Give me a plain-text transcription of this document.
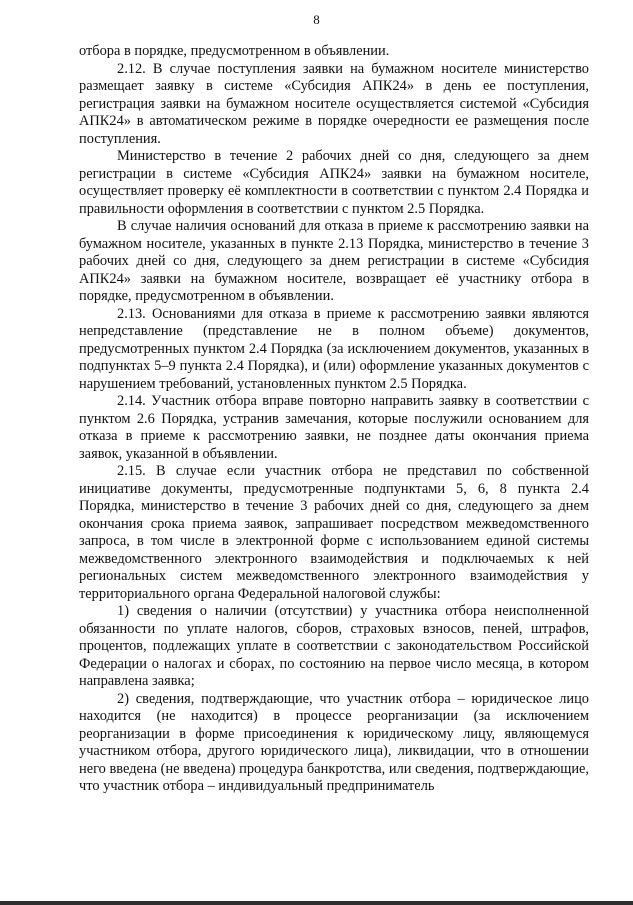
8

отбора в порядке, предусмотренном в объявлении.

2.12. В случае поступления заявки на бумажном носителе министерство размещает заявку в системе «Субсидия АПК24» в день ее поступления, регистрация заявки на бумажном носителе осуществляется системой «Субсидия АПК24» в автоматическом режиме в порядке очередности ее размещения после поступления.

Министерство в течение 2 рабочих дней со дня, следующего за днем регистрации в системе «Субсидия АПК24» заявки на бумажном носителе, осуществляет проверку её комплектности в соответствии с пунктом 2.4 Порядка и правильности оформления в соответствии с пунктом 2.5 Порядка.

В случае наличия оснований для отказа в приеме к рассмотрению заявки на бумажном носителе, указанных в пункте 2.13 Порядка, министерство в течение 3 рабочих дней со дня, следующего за днем регистрации в системе «Субсидия АПК24» заявки на бумажном носителе, возвращает её участнику отбора в порядке, предусмотренном в объявлении.

2.13. Основаниями для отказа в приеме к рассмотрению заявки являются непредставление (представление не в полном объеме) документов, предусмотренных пунктом 2.4 Порядка (за исключением документов, указанных в подпунктах 5–9 пункта 2.4 Порядка), и (или) оформление указанных документов с нарушением требований, установленных пунктом 2.5 Порядка.

2.14. Участник отбора вправе повторно направить заявку в соответствии с пунктом 2.6 Порядка, устранив замечания, которые послужили основанием для отказа в приеме к рассмотрению заявки, не позднее даты окончания приема заявок, указанной в объявлении.

2.15. В случае если участник отбора не представил по собственной инициативе документы, предусмотренные подпунктами 5, 6, 8 пункта 2.4 Порядка, министерство в течение 3 рабочих дней со дня, следующего за днем окончания срока приема заявок, запрашивает посредством межведомственного запроса, в том числе в электронной форме с использованием единой системы межведомственного электронного взаимодействия и подключаемых к ней региональных систем межведомственного электронного взаимодействия у территориального органа Федеральной налоговой службы:

1) сведения о наличии (отсутствии) у участника отбора неисполненной обязанности по уплате налогов, сборов, страховых взносов, пеней, штрафов, процентов, подлежащих уплате в соответствии с законодательством Российской Федерации о налогах и сборах, по состоянию на первое число месяца, в котором направлена заявка;

2) сведения, подтверждающие, что участник отбора – юридическое лицо находится (не находится) в процессе реорганизации (за исключением реорганизации в форме присоединения к юридическому лицу, являющемуся участником отбора, другого юридического лица), ликвидации, что в отношении него введена (не введена) процедура банкротства, или сведения, подтверждающие, что участник отбора – индивидуальный предприниматель
